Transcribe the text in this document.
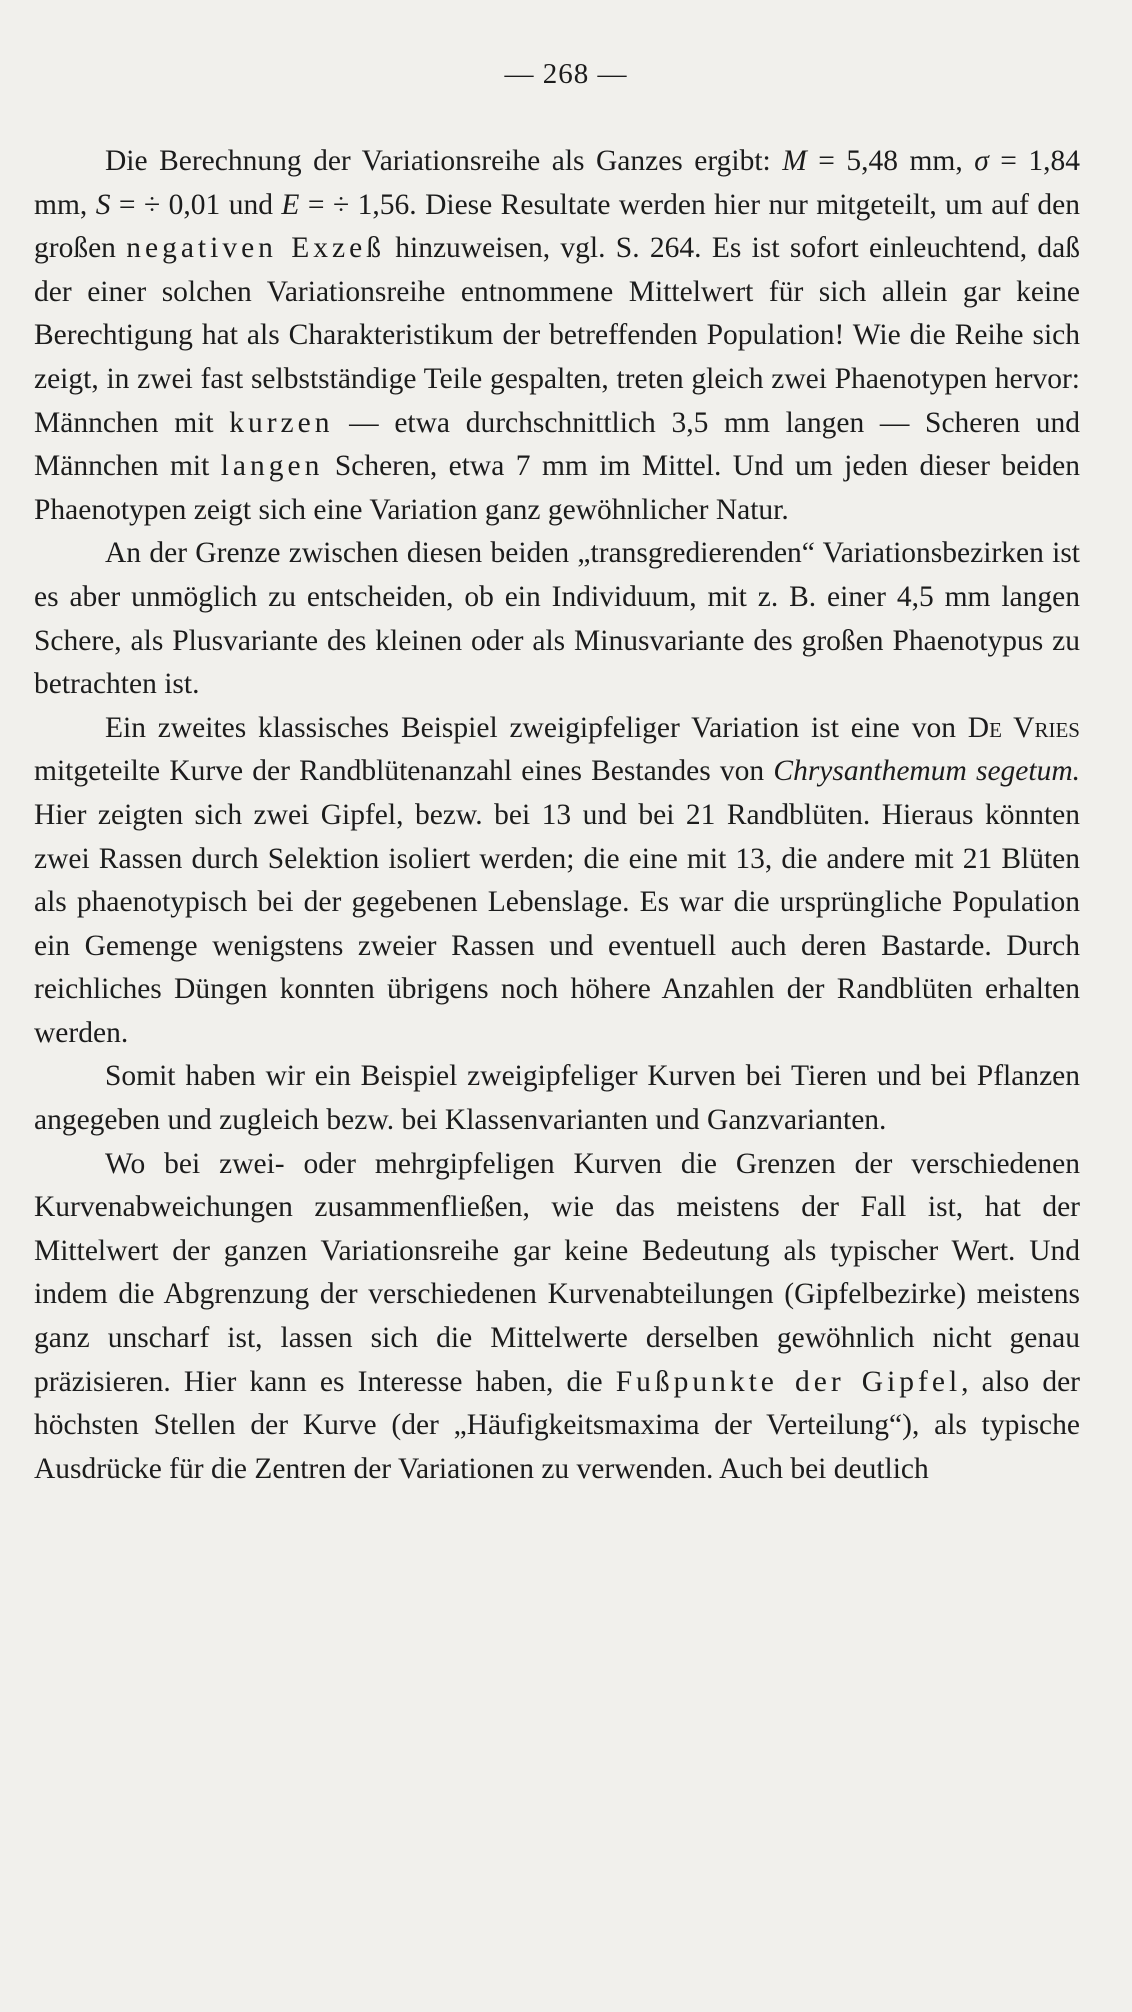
— 268 —

Die Berechnung der Variationsreihe als Ganzes ergibt: M = 5,48 mm, σ = 1,84 mm, S = ÷ 0,01 und E = ÷ 1,56. Diese Resultate werden hier nur mitgeteilt, um auf den großen negativen Exzeß hinzuweisen, vgl. S. 264. Es ist sofort einleuchtend, daß der einer solchen Variationsreihe entnommene Mittelwert für sich allein gar keine Berechtigung hat als Charakteristikum der betreffenden Population! Wie die Reihe sich zeigt, in zwei fast selbstständige Teile gespalten, treten gleich zwei Phaenotypen hervor: Männchen mit kurzen — etwa durchschnittlich 3,5 mm langen — Scheren und Männchen mit langen Scheren, etwa 7 mm im Mittel. Und um jeden dieser beiden Phaenotypen zeigt sich eine Variation ganz gewöhnlicher Natur.

An der Grenze zwischen diesen beiden „transgredierenden“ Variationsbezirken ist es aber unmöglich zu entscheiden, ob ein Individuum, mit z. B. einer 4,5 mm langen Schere, als Plusvariante des kleinen oder als Minusvariante des großen Phaenotypus zu betrachten ist.

Ein zweites klassisches Beispiel zweigipfeliger Variation ist eine von De Vries mitgeteilte Kurve der Randblütenanzahl eines Bestandes von Chrysanthemum segetum. Hier zeigten sich zwei Gipfel, bezw. bei 13 und bei 21 Randblüten. Hieraus könnten zwei Rassen durch Selektion isoliert werden; die eine mit 13, die andere mit 21 Blüten als phaenotypisch bei der gegebenen Lebenslage. Es war die ursprüngliche Population ein Gemenge wenigstens zweier Rassen und eventuell auch deren Bastarde. Durch reichliches Düngen konnten übrigens noch höhere Anzahlen der Randblüten erhalten werden.

Somit haben wir ein Beispiel zweigipfeliger Kurven bei Tieren und bei Pflanzen angegeben und zugleich bezw. bei Klassenvarianten und Ganzvarianten.

Wo bei zwei- oder mehrgipfeligen Kurven die Grenzen der verschiedenen Kurvenabweichungen zusammenfließen, wie das meistens der Fall ist, hat der Mittelwert der ganzen Variationsreihe gar keine Bedeutung als typischer Wert. Und indem die Abgrenzung der verschiedenen Kurvenabteilungen (Gipfelbezirke) meistens ganz unscharf ist, lassen sich die Mittelwerte derselben gewöhnlich nicht genau präzisieren. Hier kann es Interesse haben, die Fußpunkte der Gipfel, also der höchsten Stellen der Kurve (der „Häufigkeitsmaxima der Verteilung“), als typische Ausdrücke für die Zentren der Variationen zu verwenden. Auch bei deutlich
